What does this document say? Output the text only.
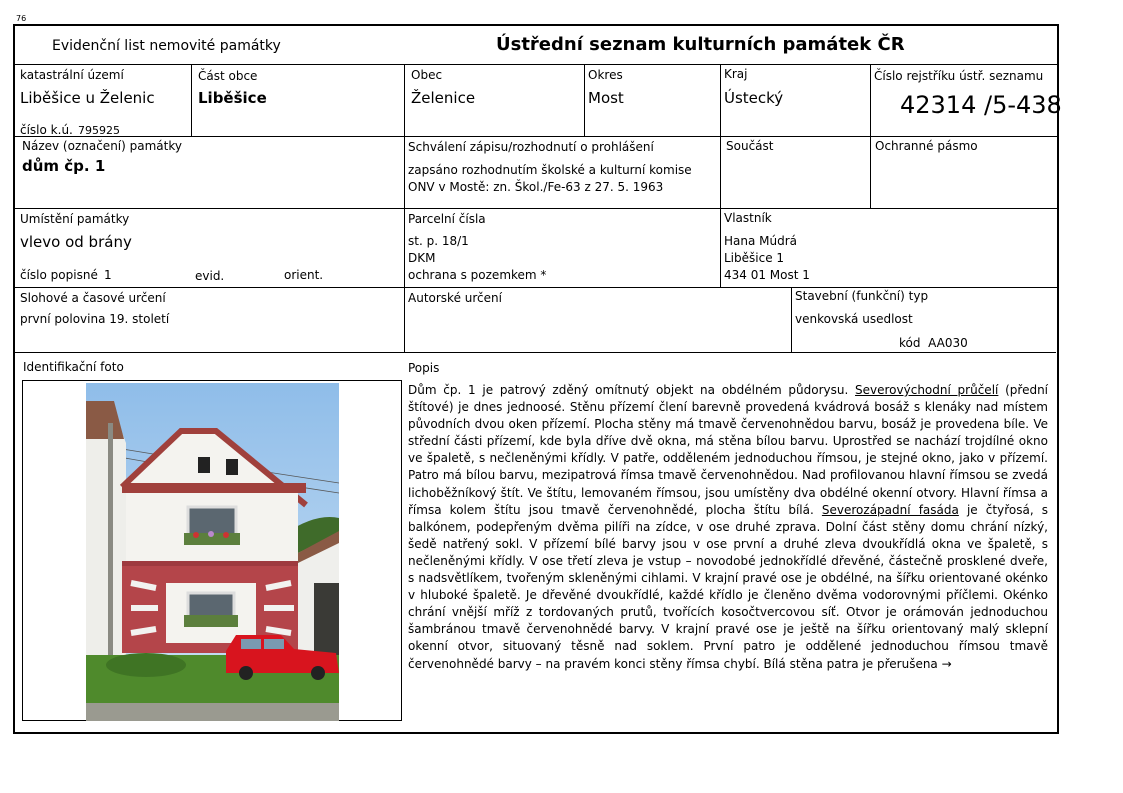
76
Evidenční list nemovité památky	Ústřední seznam kulturních památek ČR
katastrální území
Liběšice u Želenic
číslo k.ú. 795925
Část obce
Liběšice
Obec
Želenice
Okres
Most
Kraj
Ústecký
Číslo rejstříku ústř. seznamu
42314 /5-438
Název (označení) památky
dům čp. 1
Schválení zápisu/rozhodnutí o prohlášení
zapsáno rozhodnutím školské a kulturní komise
ONV v Mostě: zn. Škol./Fe-63 z 27. 5. 1963
Součást	Ochranné pásmo
Umístění památky
vlevo od brány
číslo popisné 1	evid.	orient.
Parcelní čísla
st. p. 18/1
DKM
ochrana s pozemkem *
Vlastník
Hana Múdrá
Liběšice 1
434 01 Most 1
Slohové a časové určení
první polovina 19. století
Autorské určení	Stavební (funkční) typ
venkovská usedlost
kód AA030
Identifikační foto	Popis
Dům čp. 1 je patrový zděný omítnutý objekt na obdélném půdorysu. Severovýchodní průčelí (přední štítové) je dnes jednoosé. Stěnu přízemí člení barevně provedená kvádrová bosáž s klenáky nad místem původních dvou oken přízemí. Plocha stěny má tmavě červenohnědou barvu, bosáž je provedena bíle. Ve střední části přízemí, kde byla dříve dvě okna, má stěna bílou barvu. Uprostřed se nachází trojdílné okno ve špaletě, s nečleněnými křídly. V patře, odděleném jednoduchou římsou, je stejné okno, jako v přízemí. Patro má bílou barvu, mezipatrová římsa tmavě červenohnědou. Nad profilovanou hlavní římsou se zvedá lichoběžníkový štít. Ve štítu, lemovaném římsou, jsou umístěny dva obdélné okenní otvory. Hlavní římsa a římsa kolem štítu jsou tmavě červenohnědé, plocha štítu bílá. Severozápadní fasáda je čtyřosá, s balkónem, podepřeným dvěma pilíři na zídce, v ose druhé zprava. Dolní část stěny domu chrání nízký, šedě natřený sokl. V přízemí bílé barvy jsou v ose první a druhé zleva dvoukřídlá okna ve špaletě, s nečleněnými křídly. V ose třetí zleva je vstup – novodobé jednokřídlé dřevěné, částečně prosklené dveře, s nadsvětlíkem, tvořeným skleněnými cihlami. V krajní pravé ose je obdélné, na šířku orientované okénko v hluboké špaletě. Je dřevěné dvoukřídlé, každé křídlo je členěno dvěma vodorovnými příčlemi. Okénko chrání vnější mříž z tordovaných prutů, tvořících kosočtvercovou síť. Otvor je orámován jednoduchou šambránou tmavě červenohnědé barvy. V krajní pravé ose je ještě na šířku orientovaný malý sklepní okenní otvor, situovaný těsně nad soklem. První patro je oddělené jednoduchou římsou tmavě červenohnědé barvy – na pravém konci stěny římsa chybí. Bílá stěna patra je přerušena →
